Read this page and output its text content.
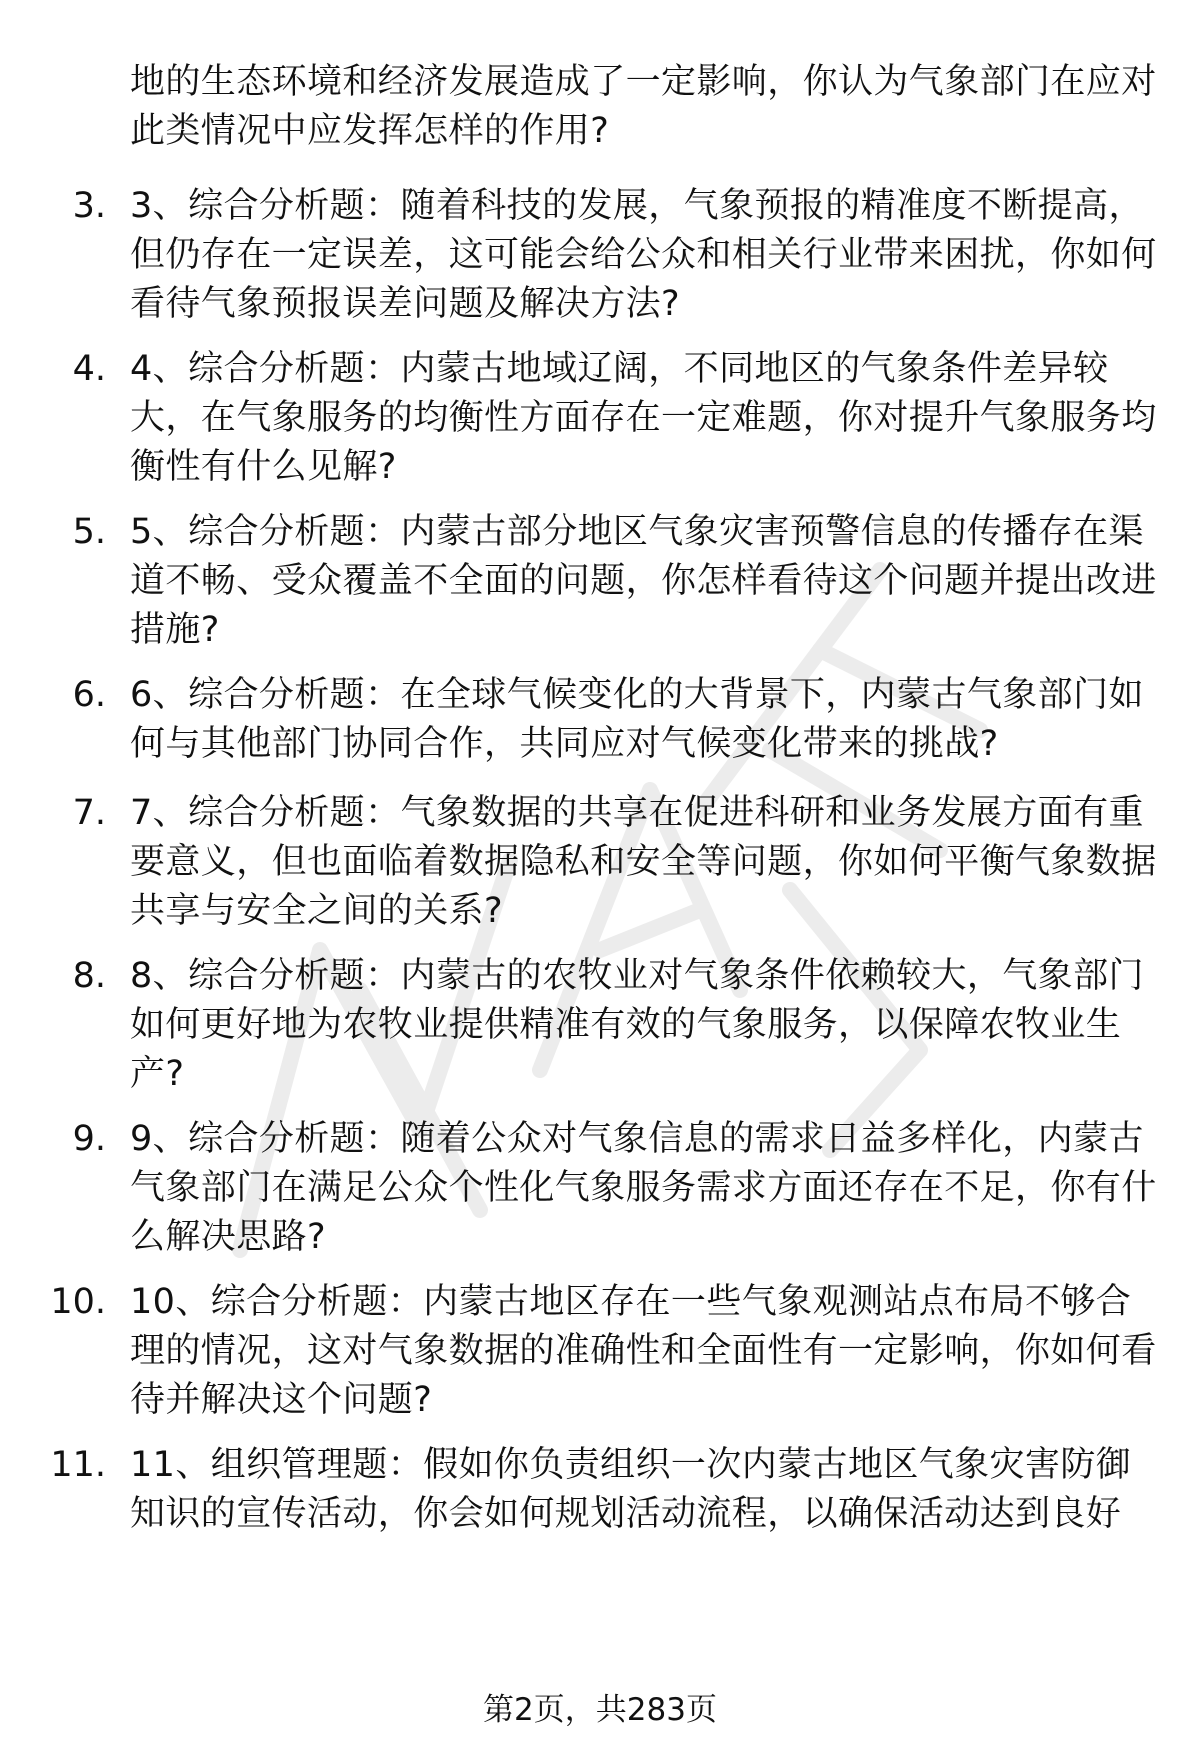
地的生态环境和经济发展造成了一定影响，你认为气象部门在应对此类情况中应发挥怎样的作用?
3. 3、综合分析题：随着科技的发展，气象预报的精准度不断提高，但仍存在一定误差，这可能会给公众和相关行业带来困扰，你如何看待气象预报误差问题及解决方法?
4. 4、综合分析题：内蒙古地域辽阔，不同地区的气象条件差异较大，在气象服务的均衡性方面存在一定难题，你对提升气象服务均衡性有什么见解?
5. 5、综合分析题：内蒙古部分地区气象灾害预警信息的传播存在渠道不畅、受众覆盖不全面的问题，你怎样看待这个问题并提出改进措施?
6. 6、综合分析题：在全球气候变化的大背景下，内蒙古气象部门如何与其他部门协同合作，共同应对气候变化带来的挑战?
7. 7、综合分析题：气象数据的共享在促进科研和业务发展方面有重要意义，但也面临着数据隐私和安全等问题，你如何平衡气象数据共享与安全之间的关系?
8. 8、综合分析题：内蒙古的农牧业对气象条件依赖较大，气象部门如何更好地为农牧业提供精准有效的气象服务，以保障农牧业生产?
9. 9、综合分析题：随着公众对气象信息的需求日益多样化，内蒙古气象部门在满足公众个性化气象服务需求方面还存在不足，你有什么解决思路?
10. 10、综合分析题：内蒙古地区存在一些气象观测站点布局不够合理的情况，这对气象数据的准确性和全面性有一定影响，你如何看待并解决这个问题?
11. 11、组织管理题：假如你负责组织一次内蒙古地区气象灾害防御知识的宣传活动，你会如何规划活动流程，以确保活动达到良好
第2页，共283页
